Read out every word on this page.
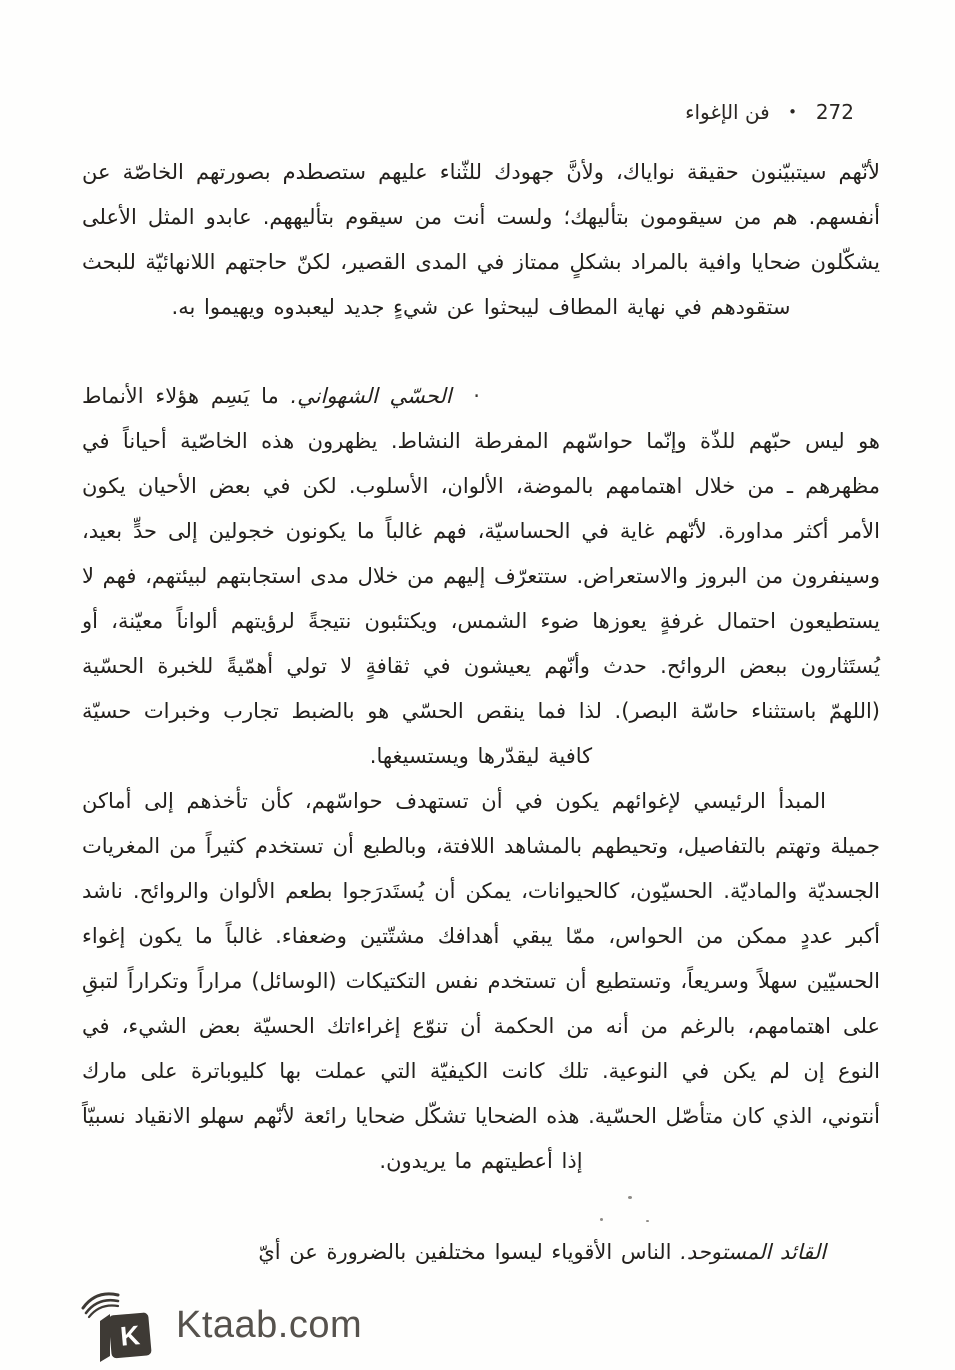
272 • فن الإغواء

لأنّهم سيتبيّنون حقيقة نواياك، ولأنَّ جهودك للثّناء عليهم ستصطدم بصورتهم الخاصّة عن أنفسهم. هم من سيقومون بتأليهك؛ ولست أنت من سيقوم بتأليههم. عابدو المثل الأعلى يشكّلون ضحايا وافية بالمراد بشكلٍ ممتاز في المدى القصير، لكنّ حاجتهم اللانهائيّة للبحث ستقودهم في نهاية المطاف ليبحثوا عن شيءٍ جديد ليعبدوه ويهيموا به.

· الحسّي الشهواني. ما يَسِم هؤلاء الأنماط هو ليس حبّهم للذّة وإنّما حواسّهم المفرطة النشاط. يظهرون هذه الخاصّية أحياناً في مظهرهم ـ من خلال اهتمامهم بالموضة، الألوان، الأسلوب. لكن في بعض الأحيان يكون الأمر أكثر مداورة. لأنّهم غاية في الحساسيّة، فهم غالباً ما يكونون خجولين إلى حدٍّ بعيد، وسينفرون من البروز والاستعراض. ستتعرّف إليهم من خلال مدى استجابتهم لبيئتهم، فهم لا يستطيعون احتمال غرفةٍ يعوزها ضوء الشمس، ويكتئبون نتيجةً لرؤيتهم ألواناً معيّنة، أو يُستَثارون ببعض الروائح. حدث وأنّهم يعيشون في ثقافةٍ لا تولي أهمّيةً للخبرة الحسّية (اللهمّ باستثناء حاسّة البصر). لذا فما ينقص الحسّي هو بالضبط تجارب وخبرات حسيّة كافية ليقدّرها ويستسيغها.

المبدأ الرئيسي لإغوائهم يكون في أن تستهدف حواسّهم، كأن تأخذهم إلى أماكن جميلة وتهتم بالتفاصيل، وتحيطهم بالمشاهد اللافتة، وبالطبع أن تستخدم كثيراً من المغريات الجسديّة والماديّة. الحسيّون، كالحيوانات، يمكن أن يُستَدرَجوا بطعم الألوان والروائح. ناشد أكبر عددٍ ممكن من الحواس، ممّا يبقي أهدافك مشتّتين وضعفاء. غالباً ما يكون إغواء الحسيّين سهلاً وسريعاً، وتستطيع أن تستخدم نفس التكتيكات (الوسائل) مراراً وتكراراً لتبقِ على اهتمامهم، بالرغم من أنه من الحكمة أن تنوّع إغراءاتك الحسيّة بعض الشيء، في النوع إن لم يكن في النوعية. تلك كانت الكيفيّة التي عملت بها كليوباترة على مارك أنتوني، الذي كان متأصّل الحسّية. هذه الضحايا تشكّل ضحايا رائعة لأنّهم سهلو الانقياد نسبيّاً إذا أعطيتهم ما يريدون.

القائد المستوحد. الناس الأقوياء ليسوا مختلفين بالضرورة عن أيّ

K Ktaab.com
